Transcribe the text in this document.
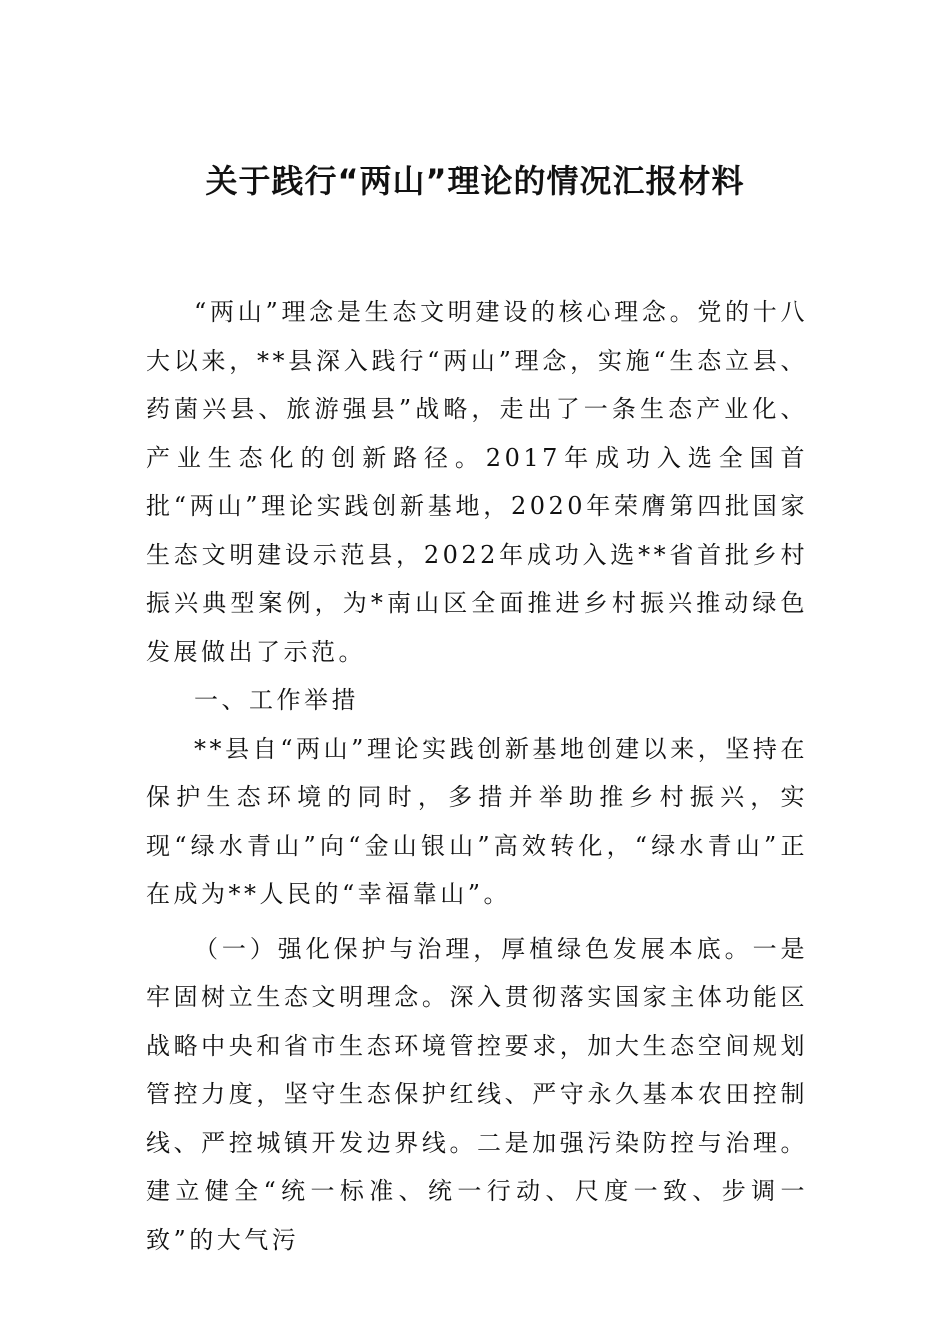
关于践行“两山”理论的情况汇报材料

“两山”理念是生态文明建设的核心理念。党的十八大以来，**县深入践行“两山”理念，实施“生态立县、药菌兴县、旅游强县”战略，走出了一条生态产业化、产业生态化的创新路径。2017年成功入选全国首批“两山”理论实践创新基地，2020年荣膺第四批国家生态文明建设示范县，2022年成功入选**省首批乡村振兴典型案例，为*南山区全面推进乡村振兴推动绿色发展做出了示范。

一、工作举措

**县自“两山”理论实践创新基地创建以来，坚持在保护生态环境的同时，多措并举助推乡村振兴，实现“绿水青山”向“金山银山”高效转化，“绿水青山”正在成为**人民的“幸福靠山”。

（一）强化保护与治理，厚植绿色发展本底。一是牢固树立生态文明理念。深入贯彻落实国家主体功能区战略中央和省市生态环境管控要求，加大生态空间规划管控力度，坚守生态保护红线、严守永久基本农田控制线、严控城镇开发边界线。二是加强污染防控与治理。建立健全“统一标准、统一行动、尺度一致、步调一致”的大气污
